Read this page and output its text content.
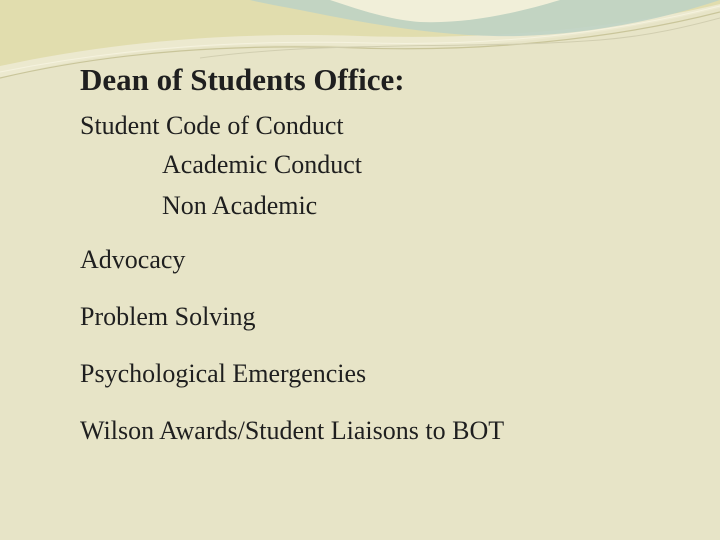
Dean of Students Office:
Student Code of Conduct
Academic Conduct
Non Academic
Advocacy
Problem Solving
Psychological Emergencies
Wilson Awards/Student Liaisons to BOT
